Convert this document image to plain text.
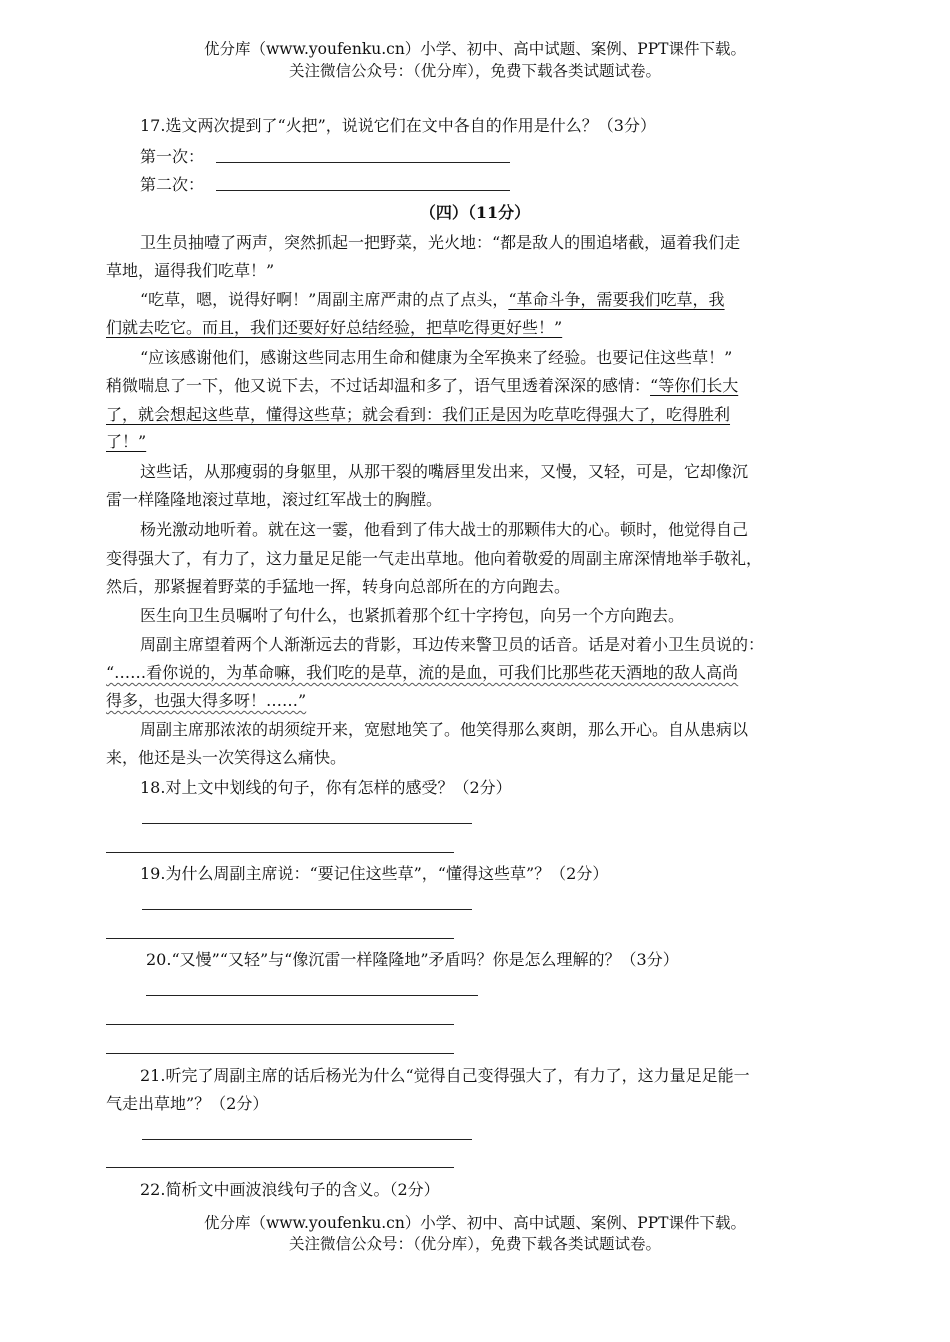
优分库（www.youfenku.cn）小学、初中、高中试题、案例、PPT课件下载。
关注微信公众号：（优分库），免费下载各类试题试卷。
17.选文两次提到了“火把”，说说它们在文中各自的作用是什么？（3分）
第一次：
第二次：
（四）（11分）
卫生员抽噎了两声，突然抓起一把野菜，光火地：“都是敌人的围追堵截，逼着我们走
草地，逼得我们吃草！”
“吃草，嗯，说得好啊！”周副主席严肃的点了点头，“革命斗争，需要我们吃草，我
们就去吃它。而且，我们还要好好总结经验，把草吃得更好些！”
“应该感谢他们，感谢这些同志用生命和健康为全军换来了经验。也要记住这些草！”
稍微喘息了一下，他又说下去，不过话却温和多了，语气里透着深深的感情：“等你们长大
了，就会想起这些草，懂得这些草；就会看到：我们正是因为吃草吃得强大了，吃得胜利
了！”
这些话，从那瘦弱的身躯里，从那干裂的嘴唇里发出来，又慢，又轻，可是，它却像沉
雷一样隆隆地滚过草地，滚过红军战士的胸膛。
杨光激动地听着。就在这一霎，他看到了伟大战士的那颗伟大的心。顿时，他觉得自己
变得强大了，有力了，这力量足足能一气走出草地。他向着敬爱的周副主席深情地举手敬礼，
然后，那紧握着野菜的手猛地一挥，转身向总部所在的方向跑去。
医生向卫生员嘱咐了句什么，也紧抓着那个红十字挎包，向另一个方向跑去。
周副主席望着两个人渐渐远去的背影，耳边传来警卫员的话音。话是对着小卫生员说的：
“……看你说的，为革命嘛，我们吃的是草，流的是血，可我们比那些花天酒地的敌人高尚
得多，也强大得多呀！……”
周副主席那浓浓的胡须绽开来，宽慰地笑了。他笑得那么爽朗，那么开心。自从患病以
来，他还是头一次笑得这么痛快。
18.对上文中划线的句子，你有怎样的感受？（2分）
19.为什么周副主席说：“要记住这些草”，“懂得这些草”？（2分）
20.“又慢”“又轻”与“像沉雷一样隆隆地”矛盾吗？你是怎么理解的？（3分）
21.听完了周副主席的话后杨光为什么“觉得自己变得强大了，有力了，这力量足足能一
气走出草地”？（2分）
22.简析文中画波浪线句子的含义。（2分）
优分库（www.youfenku.cn）小学、初中、高中试题、案例、PPT课件下载。
关注微信公众号：（优分库），免费下载各类试题试卷。
